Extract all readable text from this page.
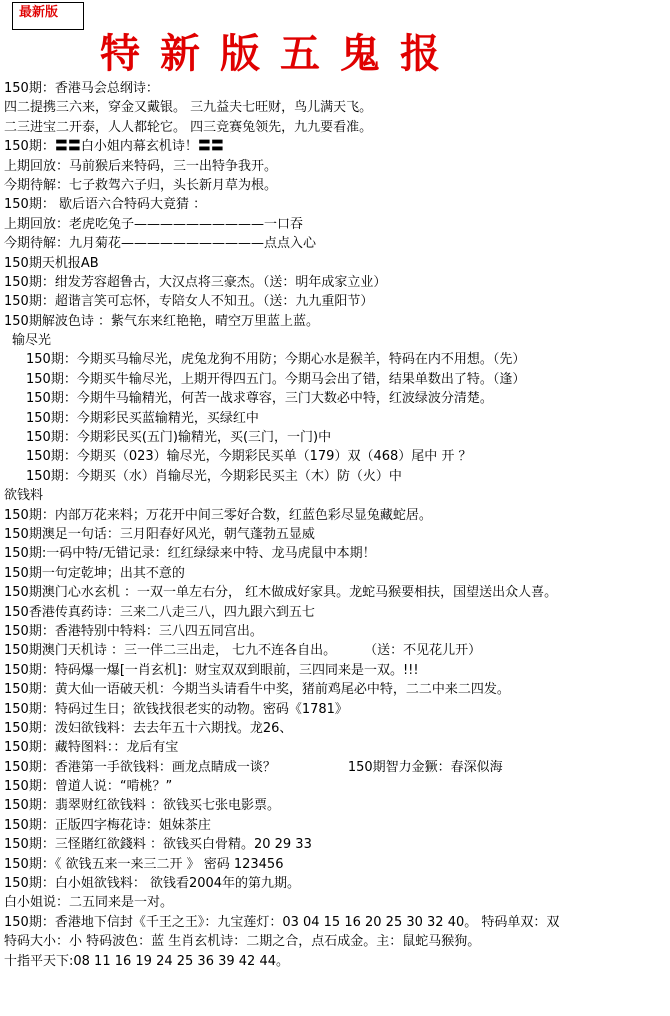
最新版
特新版五鬼报
150期：香港马会总纲诗：
四二提携三六来，穿金又戴银。 三九益夫七旺财，鸟儿满天飞。
二三进宝二开泰，人人都轮它。 四三竞赛兔领先，九九要看准。
150期：〓〓白小姐内幕玄机诗！〓〓
上期回放：马前猴后来特码，三一出特争我开。
今期待解：七子救驾六子归，头长新月草为根。
150期： 歇后语六合特码大竟猜 ：
上期回放：老虎吃兔子——————————一口吞
今期待解：九月菊花———————————点点入心
150期天机报AB
150期：绀发芳容超鲁古，大汉点将三豪杰。（送：明年成家立业）
150期：超谐言笑可忘怀，专陪女人不知丑。（送：九九重阳节）
150期解波色诗 ：紫气东来红艳艳，晴空万里蓝上蓝。
输尽光
150期：今期买马输尽光，虎兔龙狗不用防；今期心水是猴羊，特码在内不用想。（先）
150期：今期买牛输尽光，上期开得四五门。今期马会出了错，结果单数出了特。（逢）
150期：今期牛马输精光，何苦一战求尊容，三门大数必中特，红波绿波分清楚。
150期：今期彩民买蓝输精光，买绿红中
150期：今期彩民买(五门)输精光，买(三门，一门)中
150期：今期买（023）输尽光，今期彩民买单（179）双（468）尾中 开 ？
150期：今期买（水）肖输尽光，今期彩民买主（木）防（火）中
欲钱料
150期：内部万花来料；万花开中间三零好合数，红蓝色彩尽显兔藏蛇居。
150期澳足一句话：三月阳春好风光，朝气蓬勃五显威
150期:一码中特/无错记录：红红绿绿来中特、龙马虎鼠中本期！
150期一句定乾坤；出其不意的
150期澳门心水玄机 ：一双一单左右分， 红木做成好家具。龙蛇马猴要相扶，国望送出众人喜。
150香港传真药诗：三来二八走三八，四九跟六到五七
150期：香港特别中特料：三八四五同宫出。
150期澳门天机诗 ：三一伴二三出走， 七九不连各自出。 （送：不见花儿开）
150期：特码爆一爆[一肖玄机]：财宝双双到眼前，三四同来是一双。!!!
150期：黄大仙一语破天机：今期当头请看牛中奖，猪前鸡尾必中特，二二中来二四发。
150期：特码过生日；欲钱找很老实的动物。密码《1781》
150期：泼妇欲钱料：去去年五十六期找。龙26、
150期：藏特图料：：龙后有宝
150期：香港第一手欲钱料：画龙点睛成一谈？	150期智力金獗：春深似海
150期：曾道人说：“啃桃？”
150期：翡翠财红欲钱料 ：欲钱买七张电影票。
150期：正版四字梅花诗：姐妹茶庄
150期：三怪賭红欲錢料 ：欲钱买白骨精。20 29 33
150期：《 欲钱五来一来三二开 》 密码 123456
150期：白小姐欲钱料： 欲钱看2004年的第九期。
白小姐说：二五同来是一对。
150期：香港地下信封《千王之王》：九宝莲灯：03 04 15 16 20 25 30 32 40。 特码单双：双
特码大小：小 特码波色：蓝 生肖玄机诗：二期之合，点石成金。主：鼠蛇马猴狗。
十指平天下:08 11 16 19 24 25 36 39 42 44。
